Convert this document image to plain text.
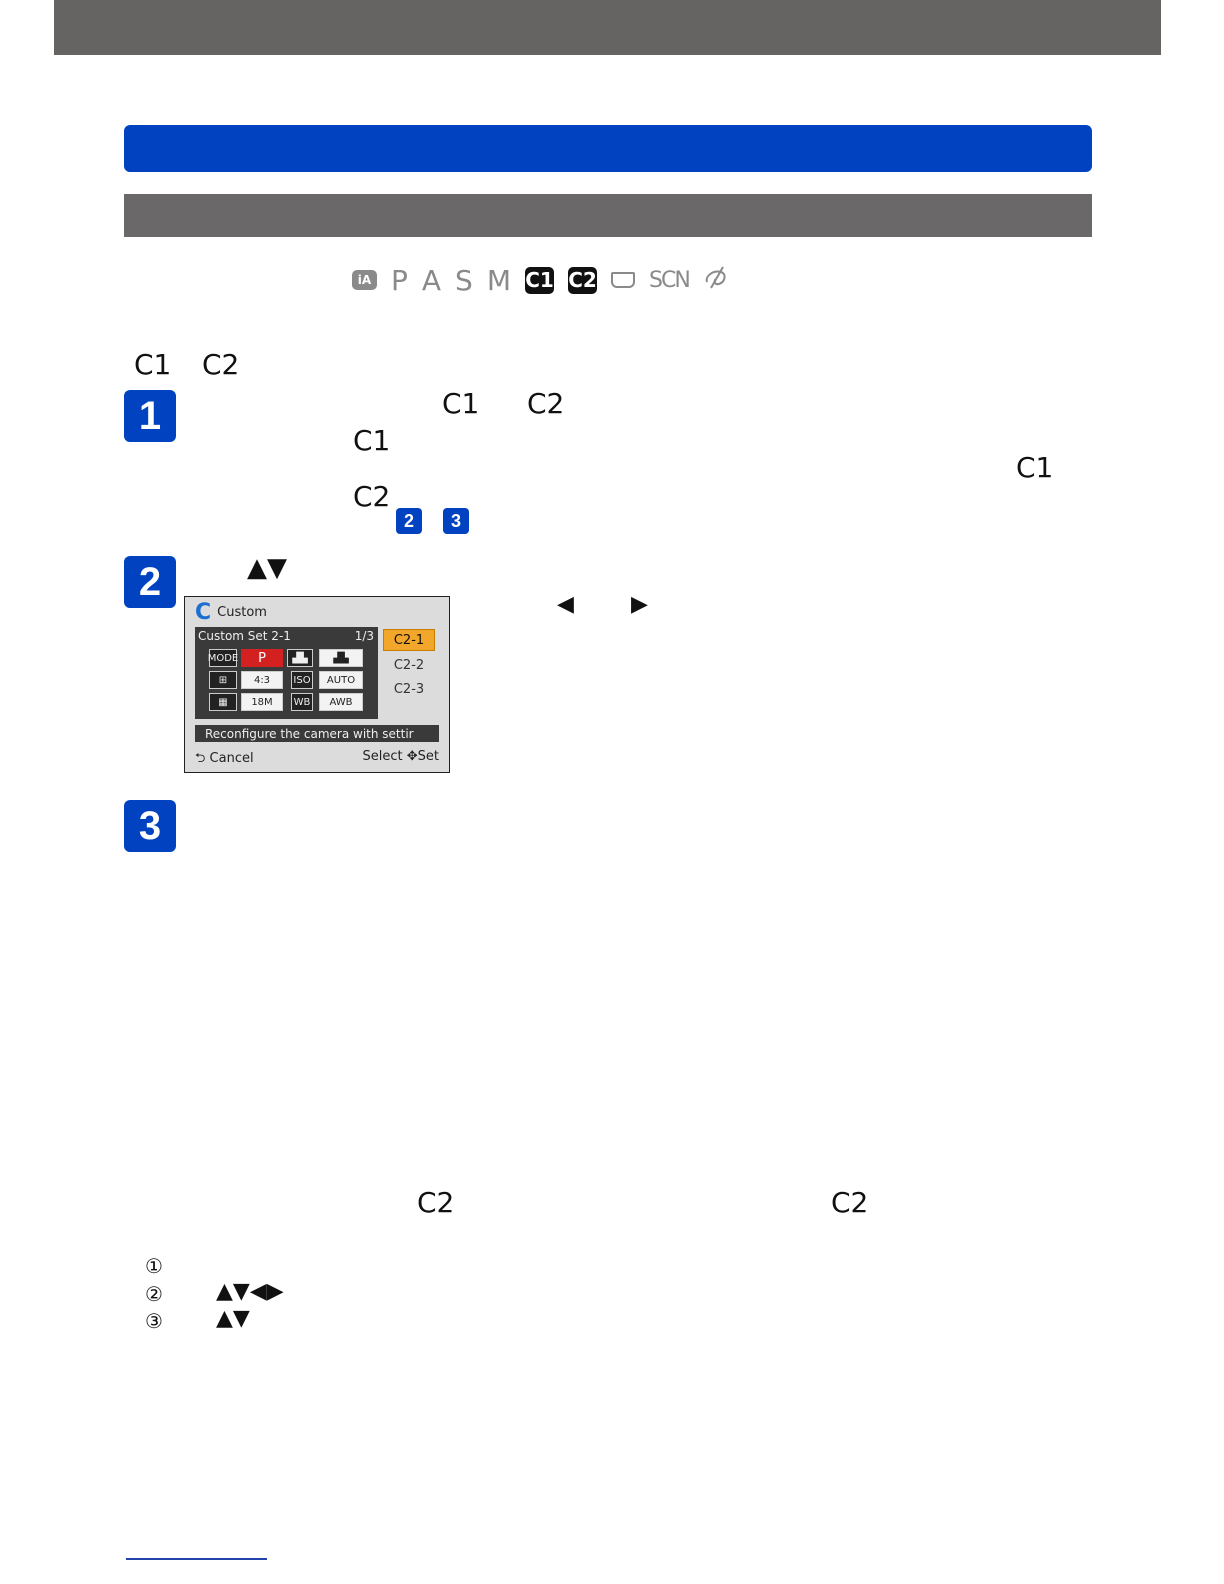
iA P A S M C1 C2 SCN
C1 C2
1	C1 C2
C1
C1
C2
2	3
2	▲▼
◀	▶
C Custom
Custom Set 2-1	1/3
MODE	P	▟▙	▟▙
⊞	4:3	ISO	AUTO
▦	18M	WB	AWB
C2-1
C2-2
C2-3
Reconfigure the camera with settir
⮌ Cancel	Select ✥Set
3
C2	C2
①
② ▲▼◀▶
③ ▲▼
